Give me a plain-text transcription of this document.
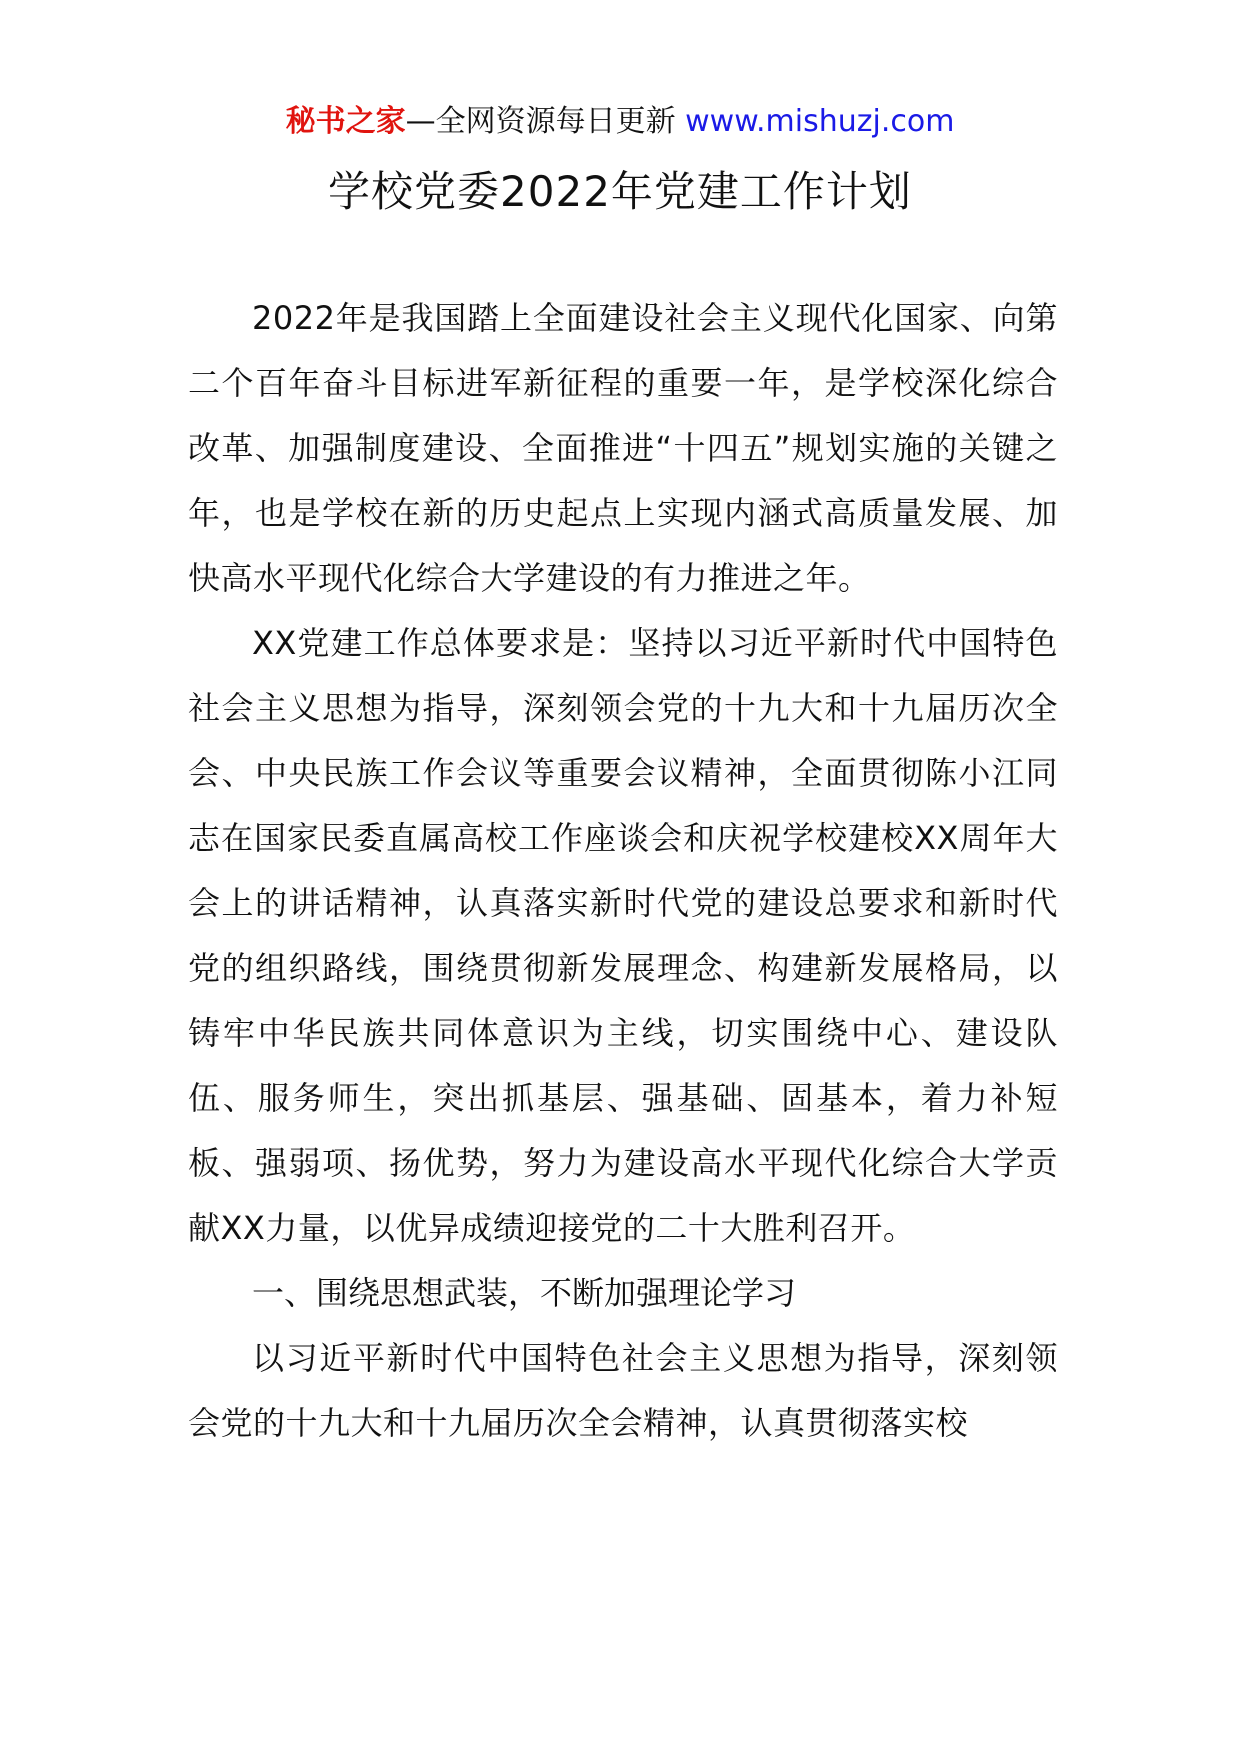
秘书之家—全网资源每日更新 www.mishuzj.com
学校党委2022年党建工作计划

2022年是我国踏上全面建设社会主义现代化国家、向第二个百年奋斗目标进军新征程的重要一年，是学校深化综合改革、加强制度建设、全面推进“十四五”规划实施的关键之年，也是学校在新的历史起点上实现内涵式高质量发展、加快高水平现代化综合大学建设的有力推进之年。

XX党建工作总体要求是：坚持以习近平新时代中国特色社会主义思想为指导，深刻领会党的十九大和十九届历次全会、中央民族工作会议等重要会议精神，全面贯彻陈小江同志在国家民委直属高校工作座谈会和庆祝学校建校XX周年大会上的讲话精神，认真落实新时代党的建设总要求和新时代党的组织路线，围绕贯彻新发展理念、构建新发展格局，以铸牢中华民族共同体意识为主线，切实围绕中心、建设队伍、服务师生，突出抓基层、强基础、固基本，着力补短板、强弱项、扬优势，努力为建设高水平现代化综合大学贡献XX力量，以优异成绩迎接党的二十大胜利召开。

一、围绕思想武装，不断加强理论学习

以习近平新时代中国特色社会主义思想为指导，深刻领会党的十九大和十九届历次全会精神，认真贯彻落实校
